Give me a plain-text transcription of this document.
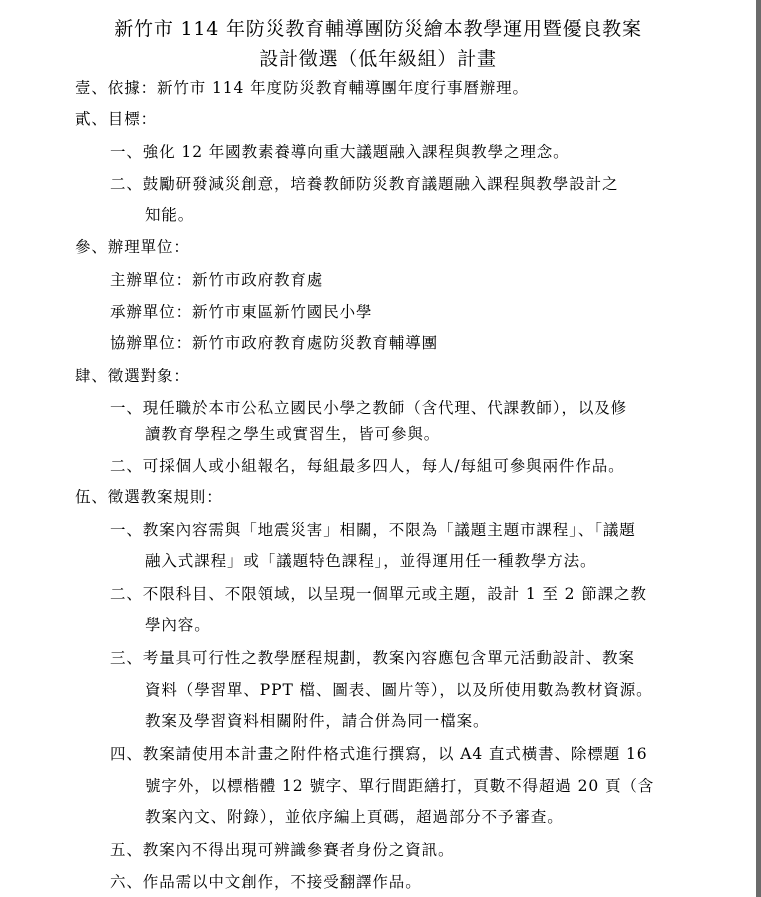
新竹市 114 年防災教育輔導團防災繪本教學運用暨優良教案
設計徵選（低年級組）計畫
壹、依據：新竹市 114 年度防災教育輔導團年度行事曆辦理。
貳、目標：
一、強化 12 年國教素養導向重大議題融入課程與教學之理念。
二、鼓勵研發減災創意，培養教師防災教育議題融入課程與教學設計之
知能。
參、辦理單位：
主辦單位：新竹市政府教育處
承辦單位：新竹市東區新竹國民小學
協辦單位：新竹市政府教育處防災教育輔導團
肆、徵選對象：
一、現任職於本市公私立國民小學之教師（含代理、代課教師），以及修
讀教育學程之學生或實習生，皆可參與。
二、可採個人或小組報名，每組最多四人，每人/每組可參與兩件作品。
伍、徵選教案規則：
一、教案內容需與「地震災害」相關，不限為「議題主題市課程」、「議題
融入式課程」或「議題特色課程」，並得運用任一種教學方法。
二、不限科目、不限領域，以呈現一個單元或主題，設計 1 至 2 節課之教
學內容。
三、考量具可行性之教學歷程規劃，教案內容應包含單元活動設計、教案
資料（學習單、PPT 檔、圖表、圖片等），以及所使用數為教材資源。
教案及學習資料相關附件，請合併為同一檔案。
四、教案請使用本計畫之附件格式進行撰寫，以 A4 直式橫書、除標題 16
號字外，以標楷體 12 號字、單行間距繕打，頁數不得超過 20 頁（含
教案內文、附錄），並依序編上頁碼，超過部分不予審查。
五、教案內不得出現可辨識參賽者身份之資訊。
六、作品需以中文創作，不接受翻譯作品。
